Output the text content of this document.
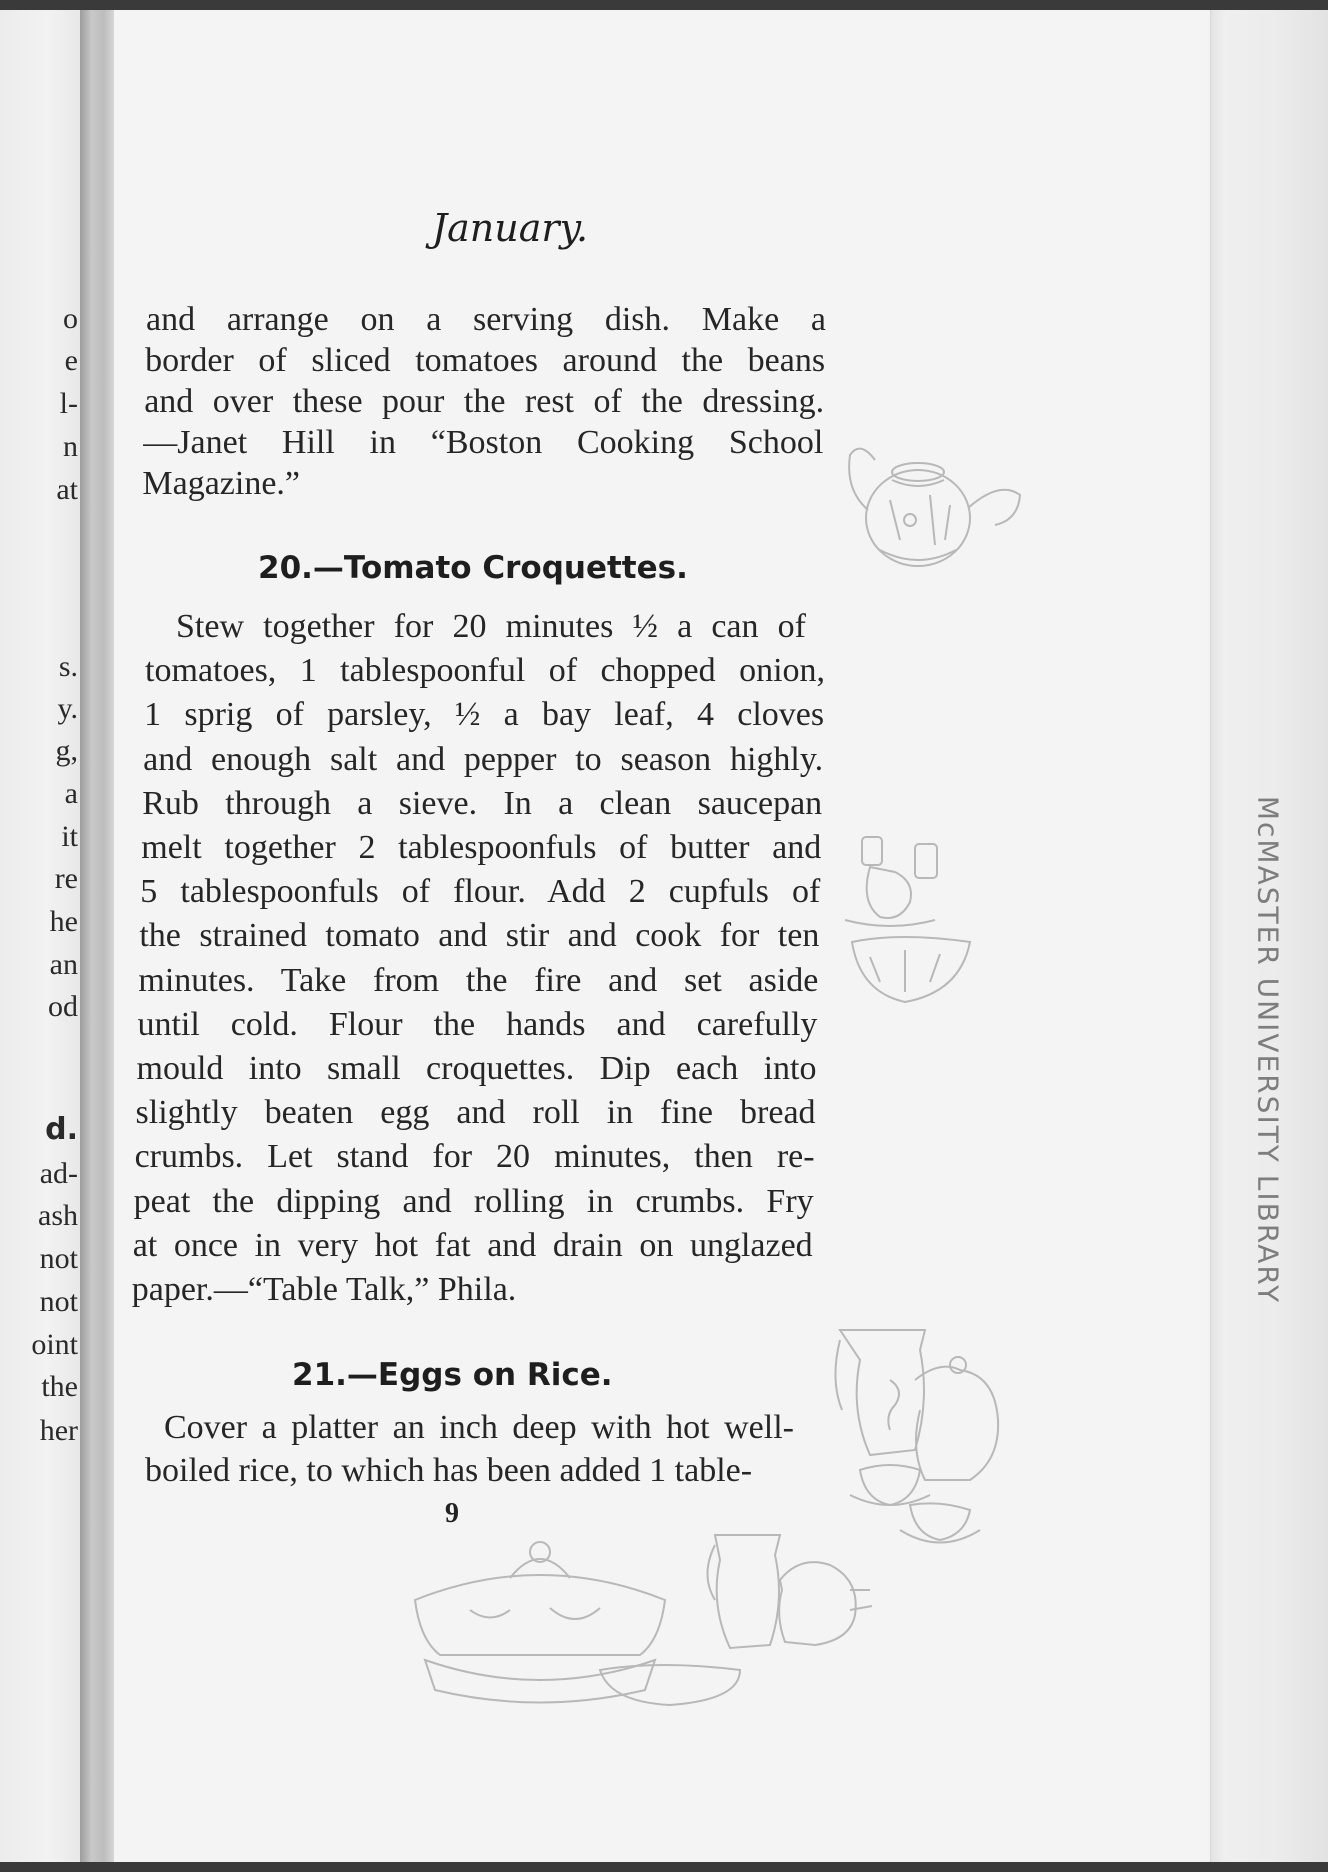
o
e
l-
n
at
s.
y.
g,
a
it
re
he
an
od
d.
ad-
ash
not
not
oint
the
her
McMASTER UNIVERSITY LIBRARY
January.
and arrange on a serving dish. Make a
border of sliced tomatoes around the beans
and over these pour the rest of the dressing.
—Janet Hill in “Boston Cooking School
Magazine.”
20.—Tomato Croquettes.
Stew together for 20 minutes ½ a can of
tomatoes, 1 tablespoonful of chopped onion,
1 sprig of parsley, ½ a bay leaf, 4 cloves
and enough salt and pepper to season highly.
Rub through a sieve. In a clean saucepan
melt together 2 tablespoonfuls of butter and
5 tablespoonfuls of flour. Add 2 cupfuls of
the strained tomato and stir and cook for ten
minutes. Take from the fire and set aside
until cold. Flour the hands and carefully
mould into small croquettes. Dip each into
slightly beaten egg and roll in fine bread
crumbs. Let stand for 20 minutes, then re-
peat the dipping and rolling in crumbs. Fry
at once in very hot fat and drain on unglazed
paper.—“Table Talk,” Phila.
21.—Eggs on Rice.
Cover a platter an inch deep with hot well-
boiled rice, to which has been added 1 table-
9
